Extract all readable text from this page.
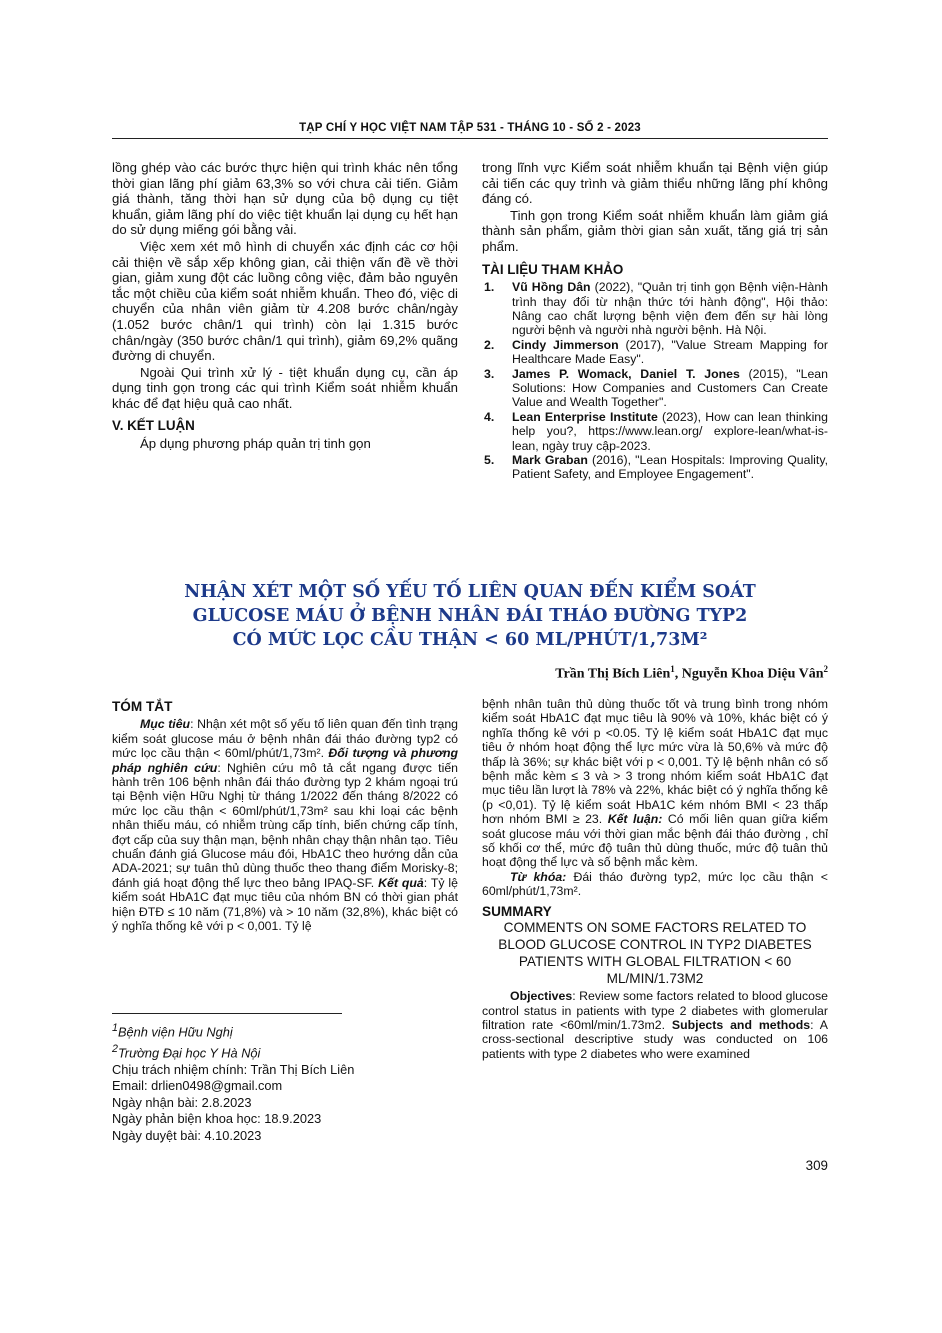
TẠP CHÍ Y HỌC VIỆT NAM TẬP 531 - THÁNG 10 - SỐ 2 - 2023

lồng ghép vào các bước thực hiện qui trình khác nên tổng thời gian lãng phí giảm 63,3% so với chưa cải tiến. Giảm giá thành, tăng thời hạn sử dụng của bộ dụng cụ tiệt khuẩn, giảm lãng phí do việc tiệt khuẩn lại dụng cụ hết hạn do sử dụng miếng gói bằng vải.

Việc xem xét mô hình di chuyển xác định các cơ hội cải thiện về sắp xếp không gian, cải thiện vấn đề về thời gian, giảm xung đột các luồng công việc, đảm bảo nguyên tắc một chiều của kiểm soát nhiễm khuẩn. Theo đó, việc di chuyển của nhân viên giảm từ 4.208 bước chân/ngày (1.052 bước chân/1 qui trình) còn lại 1.315 bước chân/ngày (350 bước chân/1 qui trình), giảm 69,2% quãng đường di chuyển.

Ngoài Qui trình xử lý - tiệt khuẩn dụng cụ, cần áp dụng tinh gọn trong các qui trình Kiểm soát nhiễm khuẩn khác để đạt hiệu quả cao nhất.

V. KẾT LUẬN

Áp dụng phương pháp quản trị tinh gọn

trong lĩnh vực Kiểm soát nhiễm khuẩn tại Bệnh viện giúp cải tiến các quy trình và giảm thiểu những lãng phí không đáng có.

Tinh gọn trong Kiểm soát nhiễm khuẩn làm giảm giá thành sản phẩm, giảm thời gian sản xuất, tăng giá trị sản phẩm.

TÀI LIỆU THAM KHẢO
1. Vũ Hồng Dân (2022), "Quản trị tinh gọn Bệnh viện-Hành trình thay đổi từ nhận thức tới hành động", Hội thảo: Nâng cao chất lượng bệnh viện đem đến sự hài lòng người bệnh và người nhà người bệnh. Hà Nội.
2. Cindy Jimmerson (2017), "Value Stream Mapping for Healthcare Made Easy".
3. James P. Womack, Daniel T. Jones (2015), "Lean Solutions: How Companies and Customers Can Create Value and Wealth Together".
4. Lean Enterprise Institute (2023), How can lean thinking help you?, https://www.lean.org/ explore-lean/what-is-lean, ngày truy cập-2023.
5. Mark Graban (2016), "Lean Hospitals: Improving Quality, Patient Safety, and Employee Engagement".
NHẬN XÉT MỘT SỐ YẾU TỐ LIÊN QUAN ĐẾN KIỂM SOÁT
GLUCOSE MÁU Ở BỆNH NHÂN ĐÁI THÁO ĐƯỜNG TYP2
CÓ MỨC LỌC CẦU THẬN < 60 ML/PHÚT/1,73M²
Trần Thị Bích Liên$^1$, Nguyễn Khoa Diệu Vân$^2$
TÓM TẮT

Mục tiêu: Nhận xét một số yếu tố liên quan đến tình trạng kiểm soát glucose máu ở bệnh nhân đái tháo đường typ2 có mức lọc cầu thận < 60ml/phút/1,73m². Đối tượng và phương pháp nghiên cứu: Nghiên cứu mô tả cắt ngang được tiến hành trên 106 bệnh nhân đái tháo đường typ 2 khám ngoại trú tại Bệnh viện Hữu Nghị từ tháng 1/2022 đến tháng 8/2022 có mức lọc cầu thận < 60ml/phút/1,73m² sau khi loại các bệnh nhân thiếu máu, có nhiễm trùng cấp tính, biến chứng cấp tính, đợt cấp của suy thận mạn, bệnh nhân chạy thận nhân tạo. Tiêu chuẩn đánh giá Glucose máu đói, HbA1C theo hướng dẫn của ADA-2021; sự tuân thủ dùng thuốc theo thang điểm Morisky-8; đánh giá hoạt động thể lực theo bảng IPAQ-SF. Kết quả: Tỷ lệ kiểm soát HbA1C đạt mục tiêu của nhóm BN có thời gian phát hiện ĐTĐ ≤ 10 năm (71,8%) và > 10 năm (32,8%), khác biệt có ý nghĩa thống kê với p < 0,001. Tỷ lệ

bệnh nhân tuân thủ dùng thuốc tốt và trung bình trong nhóm kiểm soát HbA1C đạt mục tiêu là 90% và 10%, khác biệt có ý nghĩa thống kê với p <0.05. Tỷ lệ kiểm soát HbA1C đạt mục tiêu ở nhóm hoạt động thể lực mức vừa là 50,6% và mức độ thấp là 36%; sự khác biệt với p < 0,001. Tỷ lệ bệnh nhân có số bệnh mắc kèm ≤ 3 và > 3 trong nhóm kiểm soát HbA1C đạt mục tiêu lần lượt là 78% và 22%, khác biệt có ý nghĩa thống kê (p <0,01). Tỷ lệ kiểm soát HbA1C kém nhóm BMI < 23 thấp hơn nhóm BMI ≥ 23. Kết luận: Có mối liên quan giữa kiểm soát glucose máu với thời gian mắc bệnh đái tháo đường , chỉ số khối cơ thể, mức độ tuân thủ dùng thuốc, mức độ tuân thủ hoạt động thể lực và số bệnh mắc kèm.

Từ khóa: Đái tháo đường typ2, mức lọc cầu thận < 60ml/phút/1,73m².

SUMMARY
COMMENTS ON SOME FACTORS RELATED TO BLOOD GLUCOSE CONTROL IN TYP2 DIABETES PATIENTS WITH GLOBAL FILTRATION < 60 ML/MIN/1.73M2

Objectives: Review some factors related to blood glucose control status in patients with type 2 diabetes with glomerular filtration rate <60ml/min/1.73m2. Subjects and methods: A cross-sectional descriptive study was conducted on 106 patients with type 2 diabetes who were examined

$^1$Bệnh viện Hữu Nghị
$^2$Trường Đại học Y Hà Nội
Chịu trách nhiệm chính: Trần Thị Bích Liên
Email: drlien0498@gmail.com
Ngày nhận bài: 2.8.2023
Ngày phản biện khoa học: 18.9.2023
Ngày duyệt bài: 4.10.2023
309
